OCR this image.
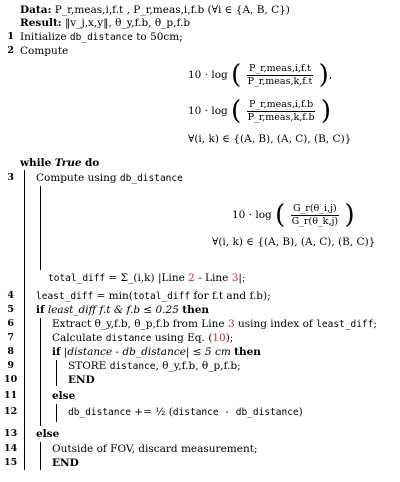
Data: P_r,meas,i,f.t , P_r,meas,i,f.b (∀i ∈ {A, B, C})
Result: ‖v_j,x,y‖, θ_y,f.b, θ_p,f.b
1 Initialize db_distance to 50cm;
2 Compute
10 · log ( $\frac{\text{P\_r,meas,i,f.t}}{\text{P\_r,meas,k,f.t}}$ ),
10 · log ( $\frac{\text{P\_r,meas,i,f.b}}{\text{P\_r,meas,k,f.b}}$ )
∀(i, k) ∈ {(A, B), (A, C), (B, C)}
while True do
3 Compute using db_distance
10 · log ( $\frac{G\_r(\theta\_i,j)}{G\_r(\theta\_k,j)}$ )
∀(i, k) ∈ {(A, B), (A, C), (B, C)}
total_diff = Σ_(i,k) |Line 2 - Line 3|;
4 least_diff = min(total_diff for f.t and f.b);
5 if least_diff f.t & f.b ≤ 0.25 then
6	Extract θ_y,f.b, θ_p,f.b from Line 3 using index of least_diff;
7	Calculate distance using Eq. (10);
8	if |distance - db_distance| ≤ 5 cm then
9	STORE distance, θ_y,f.b, θ_p,f.b;
10	END
11	else
12	db_distance += ½ (distance - db_distance)
13 else
14	Outside of FOV, discard measurement;
15	END
